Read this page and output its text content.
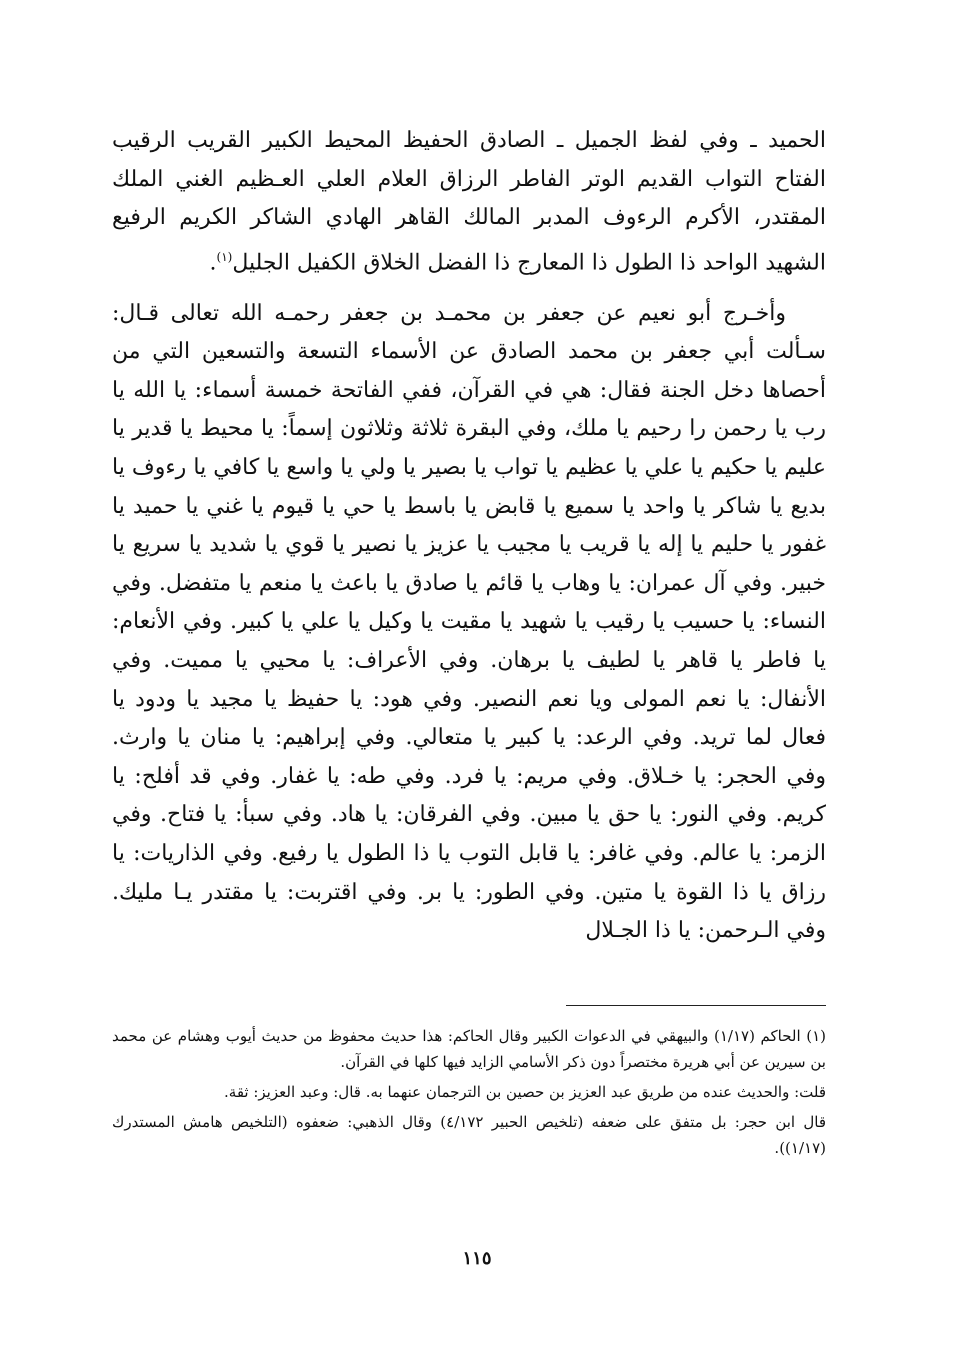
الحميد ـ وفي لفظ الجميل ـ الصادق الحفيظ المحيط الكبير القريب الرقيب الفتاح التواب القديم الوتر الفاطر الرزاق العلام العلي العـظيم الغني الملك المقتدر، الأكرم الرءوف المدبر المالك القاهر الهادي الشاكر الكريم الرفيع الشهيد الواحد ذا الطول ذا المعارج ذا الفضل الخلاق الكفيل الجليل$^{(١)}$.

وأخـرج أبو نعيم عن جعفر بن محمـد بن جعفر رحمـه الله تعالى قـال: سـألت أبي جعفر بن محمد الصادق عن الأسماء التسعة والتسعين التي من أحصاها دخل الجنة فقال: هي في القرآن، ففي الفاتحة خمسة أسماء: يا الله يا رب يا رحمن را رحيم يا ملك، وفي البقرة ثلاثة وثلاثون إسماً: يا محيط يا قدير يا عليم يا حكيم يا علي يا عظيم يا تواب يا بصير يا ولي يا واسع يا كافي يا رءوف يا بديع يا شاكر يا واحد يا سميع يا قابض يا باسط يا حي يا قيوم يا غني يا حميد يا غفور يا حليم يا إله يا قريب يا مجيب يا عزيز يا نصير يا قوي يا شديد يا سريع يا خبير. وفي آل عمران: يا وهاب يا قائم يا صادق يا باعث يا منعم يا متفضل. وفي النساء: يا حسيب يا رقيب يا شهيد يا مقيت يا وكيل يا علي يا كبير. وفي الأنعام: يا فاطر يا قاهر يا لطيف يا برهان. وفي الأعراف: يا محيي يا مميت. وفي الأنفال: يا نعم المولى ويا نعم النصير. وفي هود: يا حفيظ يا مجيد يا ودود يا فعال لما تريد. وفي الرعد: يا كبير يا متعالي. وفي إبراهيم: يا منان يا وارث. وفي الحجر: يا خـلاق. وفي مريم: يا فرد. وفي طه: يا غفار. وفي قد أفلح: يا كريم. وفي النور: يا حق يا مبين. وفي الفرقان: يا هاد. وفي سبأ: يا فتاح. وفي الزمر: يا عالم. وفي غافر: يا قابل التوب يا ذا الطول يا رفيع. وفي الذاريات: يا رزاق يا ذا القوة يا متين. وفي الطور: يا بر. وفي اقتربت: يا مقتدر يـا مليك. وفي الـرحمن: يا ذا الجـلال

(١) الحاكم (١/١٧) والبيهقي في الدعوات الكبير وقال الحاكم: هذا حديث محفوظ من حديث أيوب وهشام عن محمد بن سيرين عن أبي هريرة مختصراً دون ذكر الأسامي الزايد فيها كلها في القرآن.

قلت: والحديث عنده من طريق عبد العزيز بن حصين بن الترجمان عنهما به. قال: وعبد العزيز: ثقة.

قال ابن حجر: بل متفق على ضعفه (تلخيص الحبير ٤/١٧٢) وقال الذهبي: ضعفوه (التلخيص هامش المستدرك (١/١٧)).

١١٥
